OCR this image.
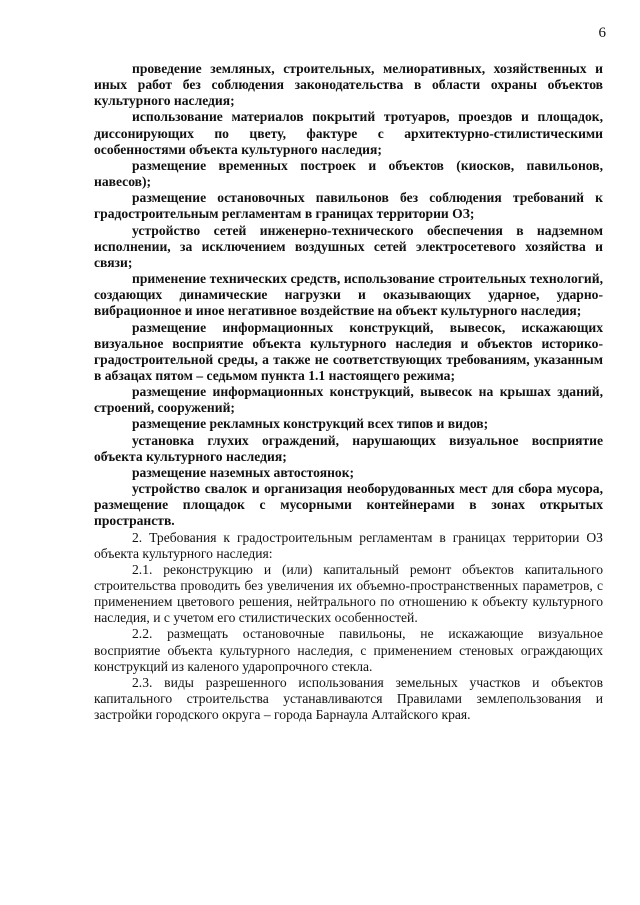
6

проведение земляных, строительных, мелиоративных, хозяйственных и иных работ без соблюдения законодательства в области охраны объектов культурного наследия;

использование материалов покрытий тротуаров, проездов и площадок, диссонирующих по цвету, фактуре с архитектурно-стилистическими особенностями объекта культурного наследия;

размещение временных построек и объектов (киосков, павильонов, навесов);

размещение остановочных павильонов без соблюдения требований к градостроительным регламентам в границах территории ОЗ;

устройство сетей инженерно-технического обеспечения в надземном исполнении, за исключением воздушных сетей электросетевого хозяйства и связи;

применение технических средств, использование строительных технологий, создающих динамические нагрузки и оказывающих ударное, ударно-вибрационное и иное негативное воздействие на объект культурного наследия;

размещение информационных конструкций, вывесок, искажающих визуальное восприятие объекта культурного наследия и объектов историко-градостроительной среды, а также не соответствующих требованиям, указанным в абзацах пятом – седьмом пункта 1.1 настоящего режима;

размещение информационных конструкций, вывесок на крышах зданий, строений, сооружений;

размещение рекламных конструкций всех типов и видов;

установка глухих ограждений, нарушающих визуальное восприятие объекта культурного наследия;

размещение наземных автостоянок;

устройство свалок и организация необорудованных мест для сбора мусора, размещение площадок с мусорными контейнерами в зонах открытых пространств.

2. Требования к градостроительным регламентам в границах территории ОЗ объекта культурного наследия:

2.1. реконструкцию и (или) капитальный ремонт объектов капитального строительства проводить без увеличения их объемно-пространственных параметров, с применением цветового решения, нейтрального по отношению к объекту культурного наследия, и с учетом его стилистических особенностей.

2.2. размещать остановочные павильоны, не искажающие визуальное восприятие объекта культурного наследия, с применением стеновых ограждающих конструкций из каленого ударопрочного стекла.

2.3. виды разрешенного использования земельных участков и объектов капитального строительства устанавливаются Правилами землепользования и застройки городского округа – города Барнаула Алтайского края.
